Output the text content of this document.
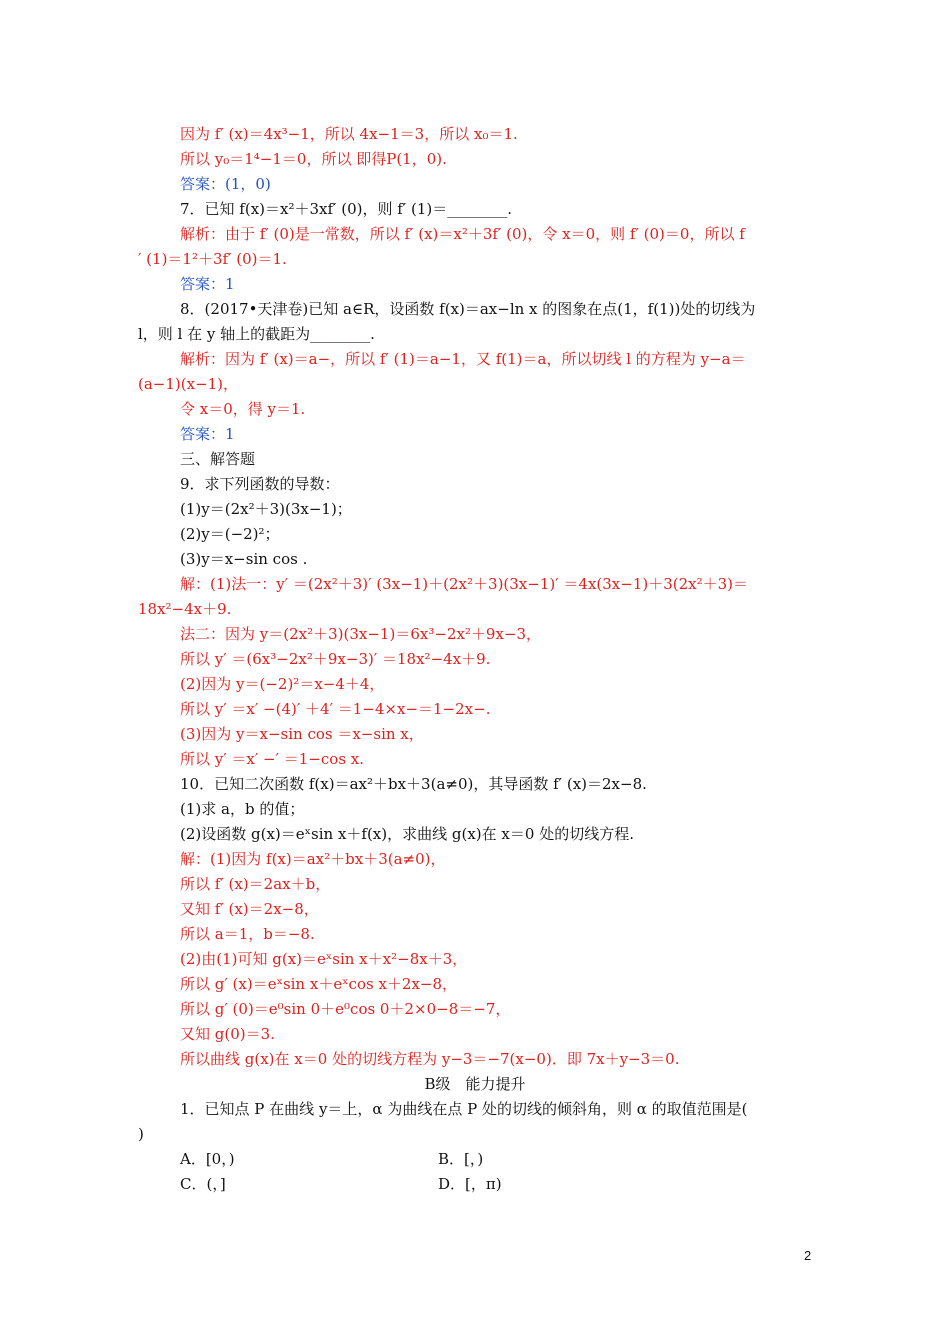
因为 f′ (x)＝4x³−1，所以 4x−1＝3，所以 x₀＝1.
所以 y₀＝1⁴−1＝0，所以 即得P(1，0).
答案：(1，0)
7．已知 f(x)＝x²＋3xf′ (0)，则 f′ (1)＝________.
解析：由于 f′ (0)是一常数，所以 f′ (x)＝x²＋3f′ (0)，令 x＝0，则 f′ (0)＝0，所以 f
′ (1)＝1²＋3f′ (0)＝1.
答案：1
8．(2017•天津卷)已知 a∈R，设函数 f(x)＝ax−ln x 的图象在点(1，f(1))处的切线为
l，则 l 在 y 轴上的截距为________.
解析：因为 f′ (x)＝a−，所以 f′ (1)＝a−1，又 f(1)＝a，所以切线 l 的方程为 y−a＝
(a−1)(x−1)，
令 x＝0，得 y＝1.
答案：1
三、解答题
9．求下列函数的导数：
(1)y＝(2x²＋3)(3x−1)；
(2)y＝(−2)²；
(3)y＝x−sin cos .
解：(1)法一：y′ ＝(2x²＋3)′ (3x−1)＋(2x²＋3)(3x−1)′ ＝4x(3x−1)＋3(2x²＋3)＝
18x²−4x＋9.
法二：因为 y＝(2x²＋3)(3x−1)＝6x³−2x²＋9x−3，
所以 y′ ＝(6x³−2x²＋9x−3)′ ＝18x²−4x＋9.
(2)因为 y＝(−2)²＝x−4＋4，
所以 y′ ＝x′ −(4)′ ＋4′ ＝1−4×x−＝1−2x−.
(3)因为 y＝x−sin cos ＝x−sin x，
所以 y′ ＝x′ −′ ＝1−cos x.
10．已知二次函数 f(x)＝ax²＋bx＋3(a≠0)，其导函数 f′ (x)＝2x−8.
(1)求 a，b 的值；
(2)设函数 g(x)＝eˣsin x＋f(x)，求曲线 g(x)在 x＝0 处的切线方程.
解：(1)因为 f(x)＝ax²＋bx＋3(a≠0)，
所以 f′ (x)＝2ax＋b，
又知 f′ (x)＝2x−8，
所以 a＝1，b＝−8.
(2)由(1)可知 g(x)＝eˣsin x＋x²−8x＋3，
所以 g′ (x)＝eˣsin x＋eˣcos x＋2x−8，
所以 g′ (0)＝e⁰sin 0＋e⁰cos 0＋2×0−8＝−7，
又知 g(0)＝3.
所以曲线 g(x)在 x＝0 处的切线方程为 y−3＝−7(x−0)．即 7x＋y−3＝0.
B级　能力提升
1．已知点 P 在曲线 y＝上，α 为曲线在点 P 处的切线的倾斜角，则 α 的取值范围是(
)
A．[0，)	B．[，)
C．(，]	D．[，π)
2
